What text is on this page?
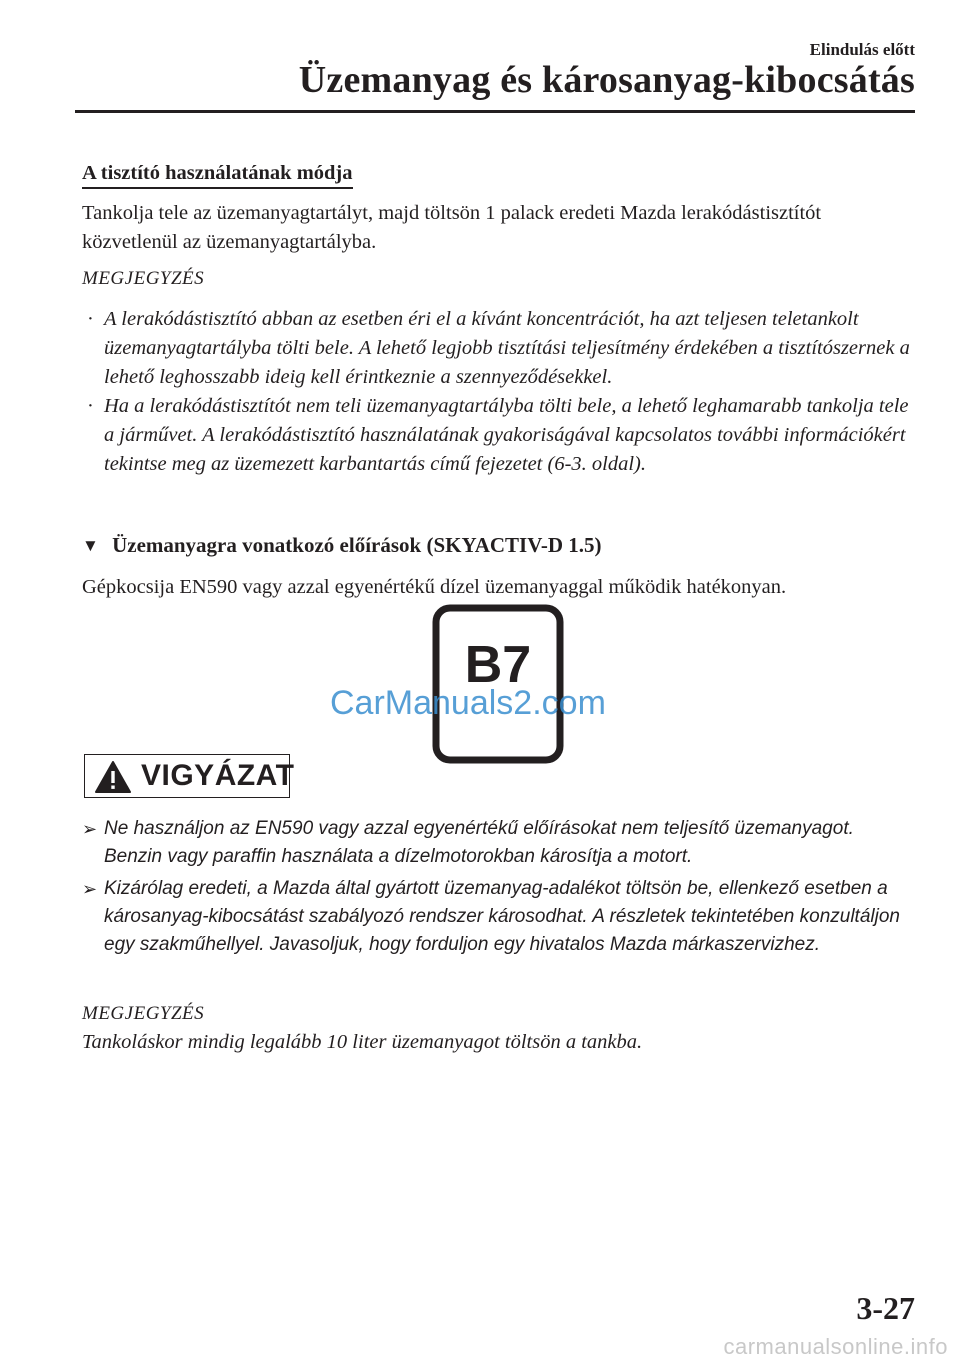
Elindulás előtt
Üzemanyag és károsanyag-kibocsátás
A tisztító használatának módja
Tankolja tele az üzemanyagtartályt, majd töltsön 1 palack eredeti Mazda lerakódástisztítót közvetlenül az üzemanyagtartályba.
MEGJEGYZÉS
· A lerakódástisztító abban az esetben éri el a kívánt koncentrációt, ha azt teljesen teletankolt üzemanyagtartályba tölti bele. A lehető legjobb tisztítási teljesítmény érdekében a tisztítószernek a lehető leghosszabb ideig kell érintkeznie a szennyeződésekkel.
· Ha a lerakódástisztítót nem teli üzemanyagtartályba tölti bele, a lehető leghamarabb tankolja tele a járművet. A lerakódástisztító használatának gyakoriságával kapcsolatos további információkért tekintse meg az üzemezett karbantartás című fejezetet (6-3. oldal).
▼ Üzemanyagra vonatkozó előírások (SKYACTIV-D 1.5)
Gépkocsija EN590 vagy azzal egyenértékű dízel üzemanyaggal működik hatékonyan.
B7
CarManuals2.com
VIGYÁZAT
➢ Ne használjon az EN590 vagy azzal egyenértékű előírásokat nem teljesítő üzemanyagot. Benzin vagy paraffin használata a dízelmotorokban károsítja a motort.
➢ Kizárólag eredeti, a Mazda által gyártott üzemanyag-adalékot töltsön be, ellenkező esetben a károsanyag-kibocsátást szabályozó rendszer károsodhat. A részletek tekintetében konzultáljon egy szakműhellyel. Javasoljuk, hogy forduljon egy hivatalos Mazda márkaszervizhez.
MEGJEGYZÉS
Tankoláskor mindig legalább 10 liter üzemanyagot töltsön a tankba.
3-27
carmanualsonline.info
